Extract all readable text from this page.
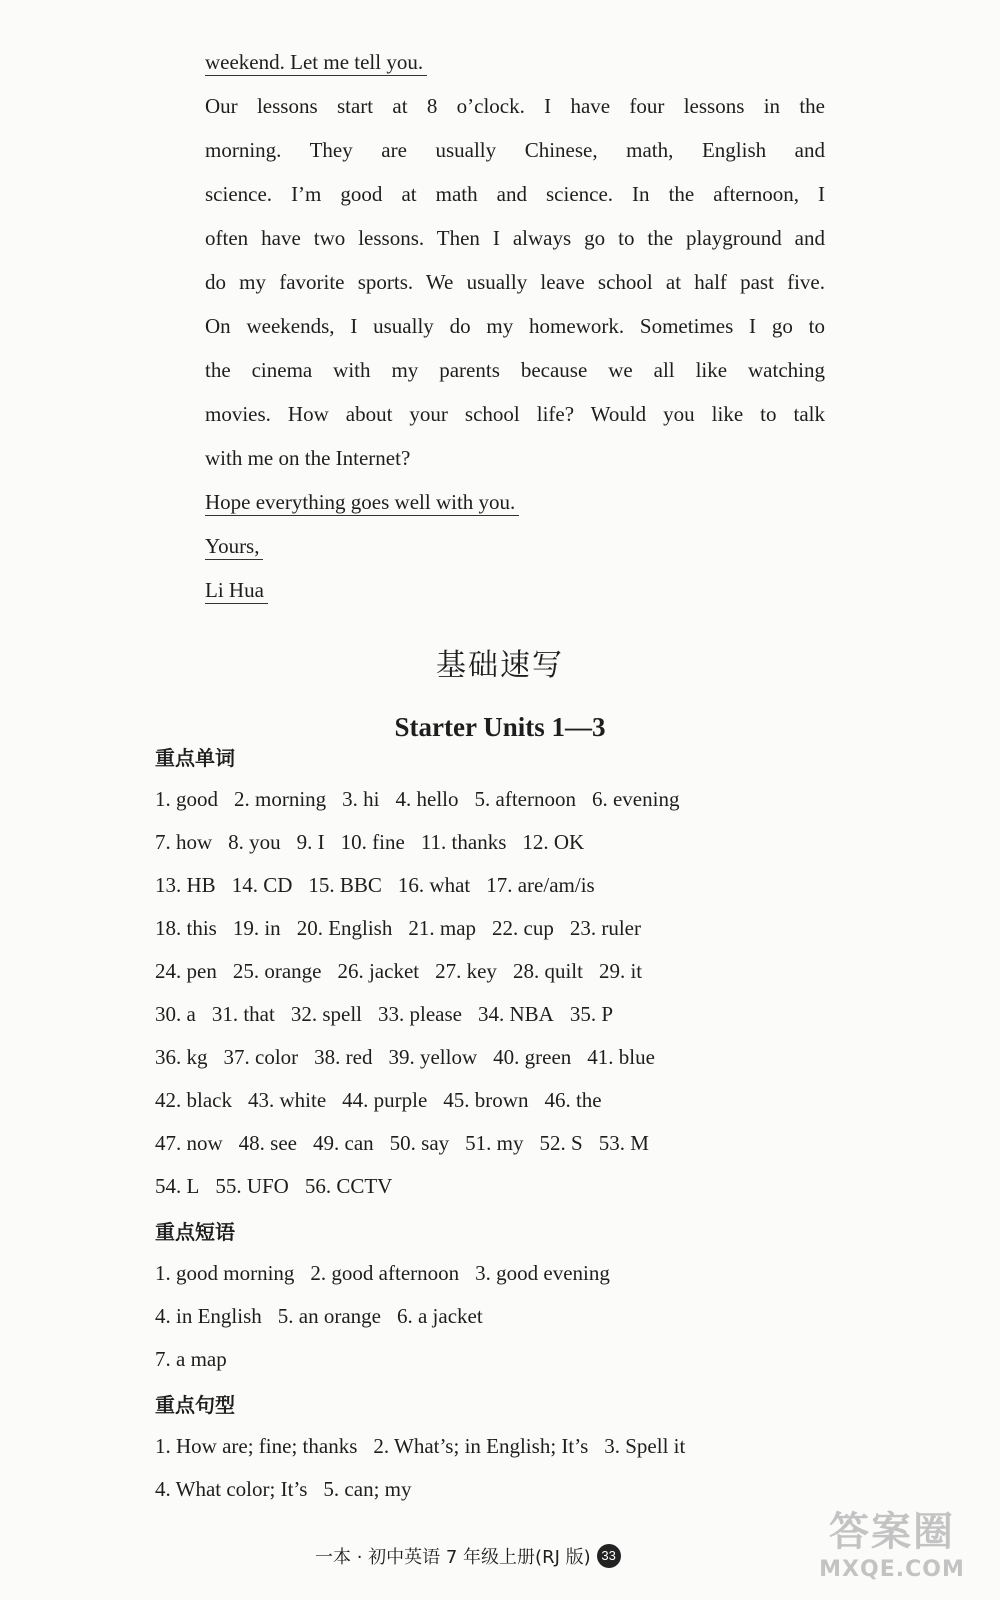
weekend. Let me tell you.

Our lessons start at 8 o’clock. I have four lessons in the

morning. They are usually Chinese, math, English and

science. I’m good at math and science. In the afternoon, I

often have two lessons. Then I always go to the playground and

do my favorite sports. We usually leave school at half past five.

On weekends, I usually do my homework. Sometimes I go to

the cinema with my parents because we all like watching

movies. How about your school life? Would you like to talk

with me on the Internet?

Hope everything goes well with you.

Yours,

Li Hua

基础速写
Starter Units 1—3
重点单词
1. good 2. morning 3. hi 4. hello 5. afternoon 6. evening
7. how 8. you 9. I 10. fine 11. thanks 12. OK
13. HB 14. CD 15. BBC 16. what 17. are/am/is
18. this 19. in 20. English 21. map 22. cup 23. ruler
24. pen 25. orange 26. jacket 27. key 28. quilt 29. it
30. a 31. that 32. spell 33. please 34. NBA 35. P
36. kg 37. color 38. red 39. yellow 40. green 41. blue
42. black 43. white 44. purple 45. brown 46. the
47. now 48. see 49. can 50. say 51. my 52. S 53. M
54. L 55. UFO 56. CCTV
重点短语
1. good morning 2. good afternoon 3. good evening
4. in English 5. an orange 6. a jacket
7. a map
重点句型
1. How are; fine; thanks 2. What’s; in English; It’s 3. Spell it
4. What color; It’s 5. can; my
一本 · 初中英语 7 年级上册(RJ 版) 33
答案圈
MXQE.COM
